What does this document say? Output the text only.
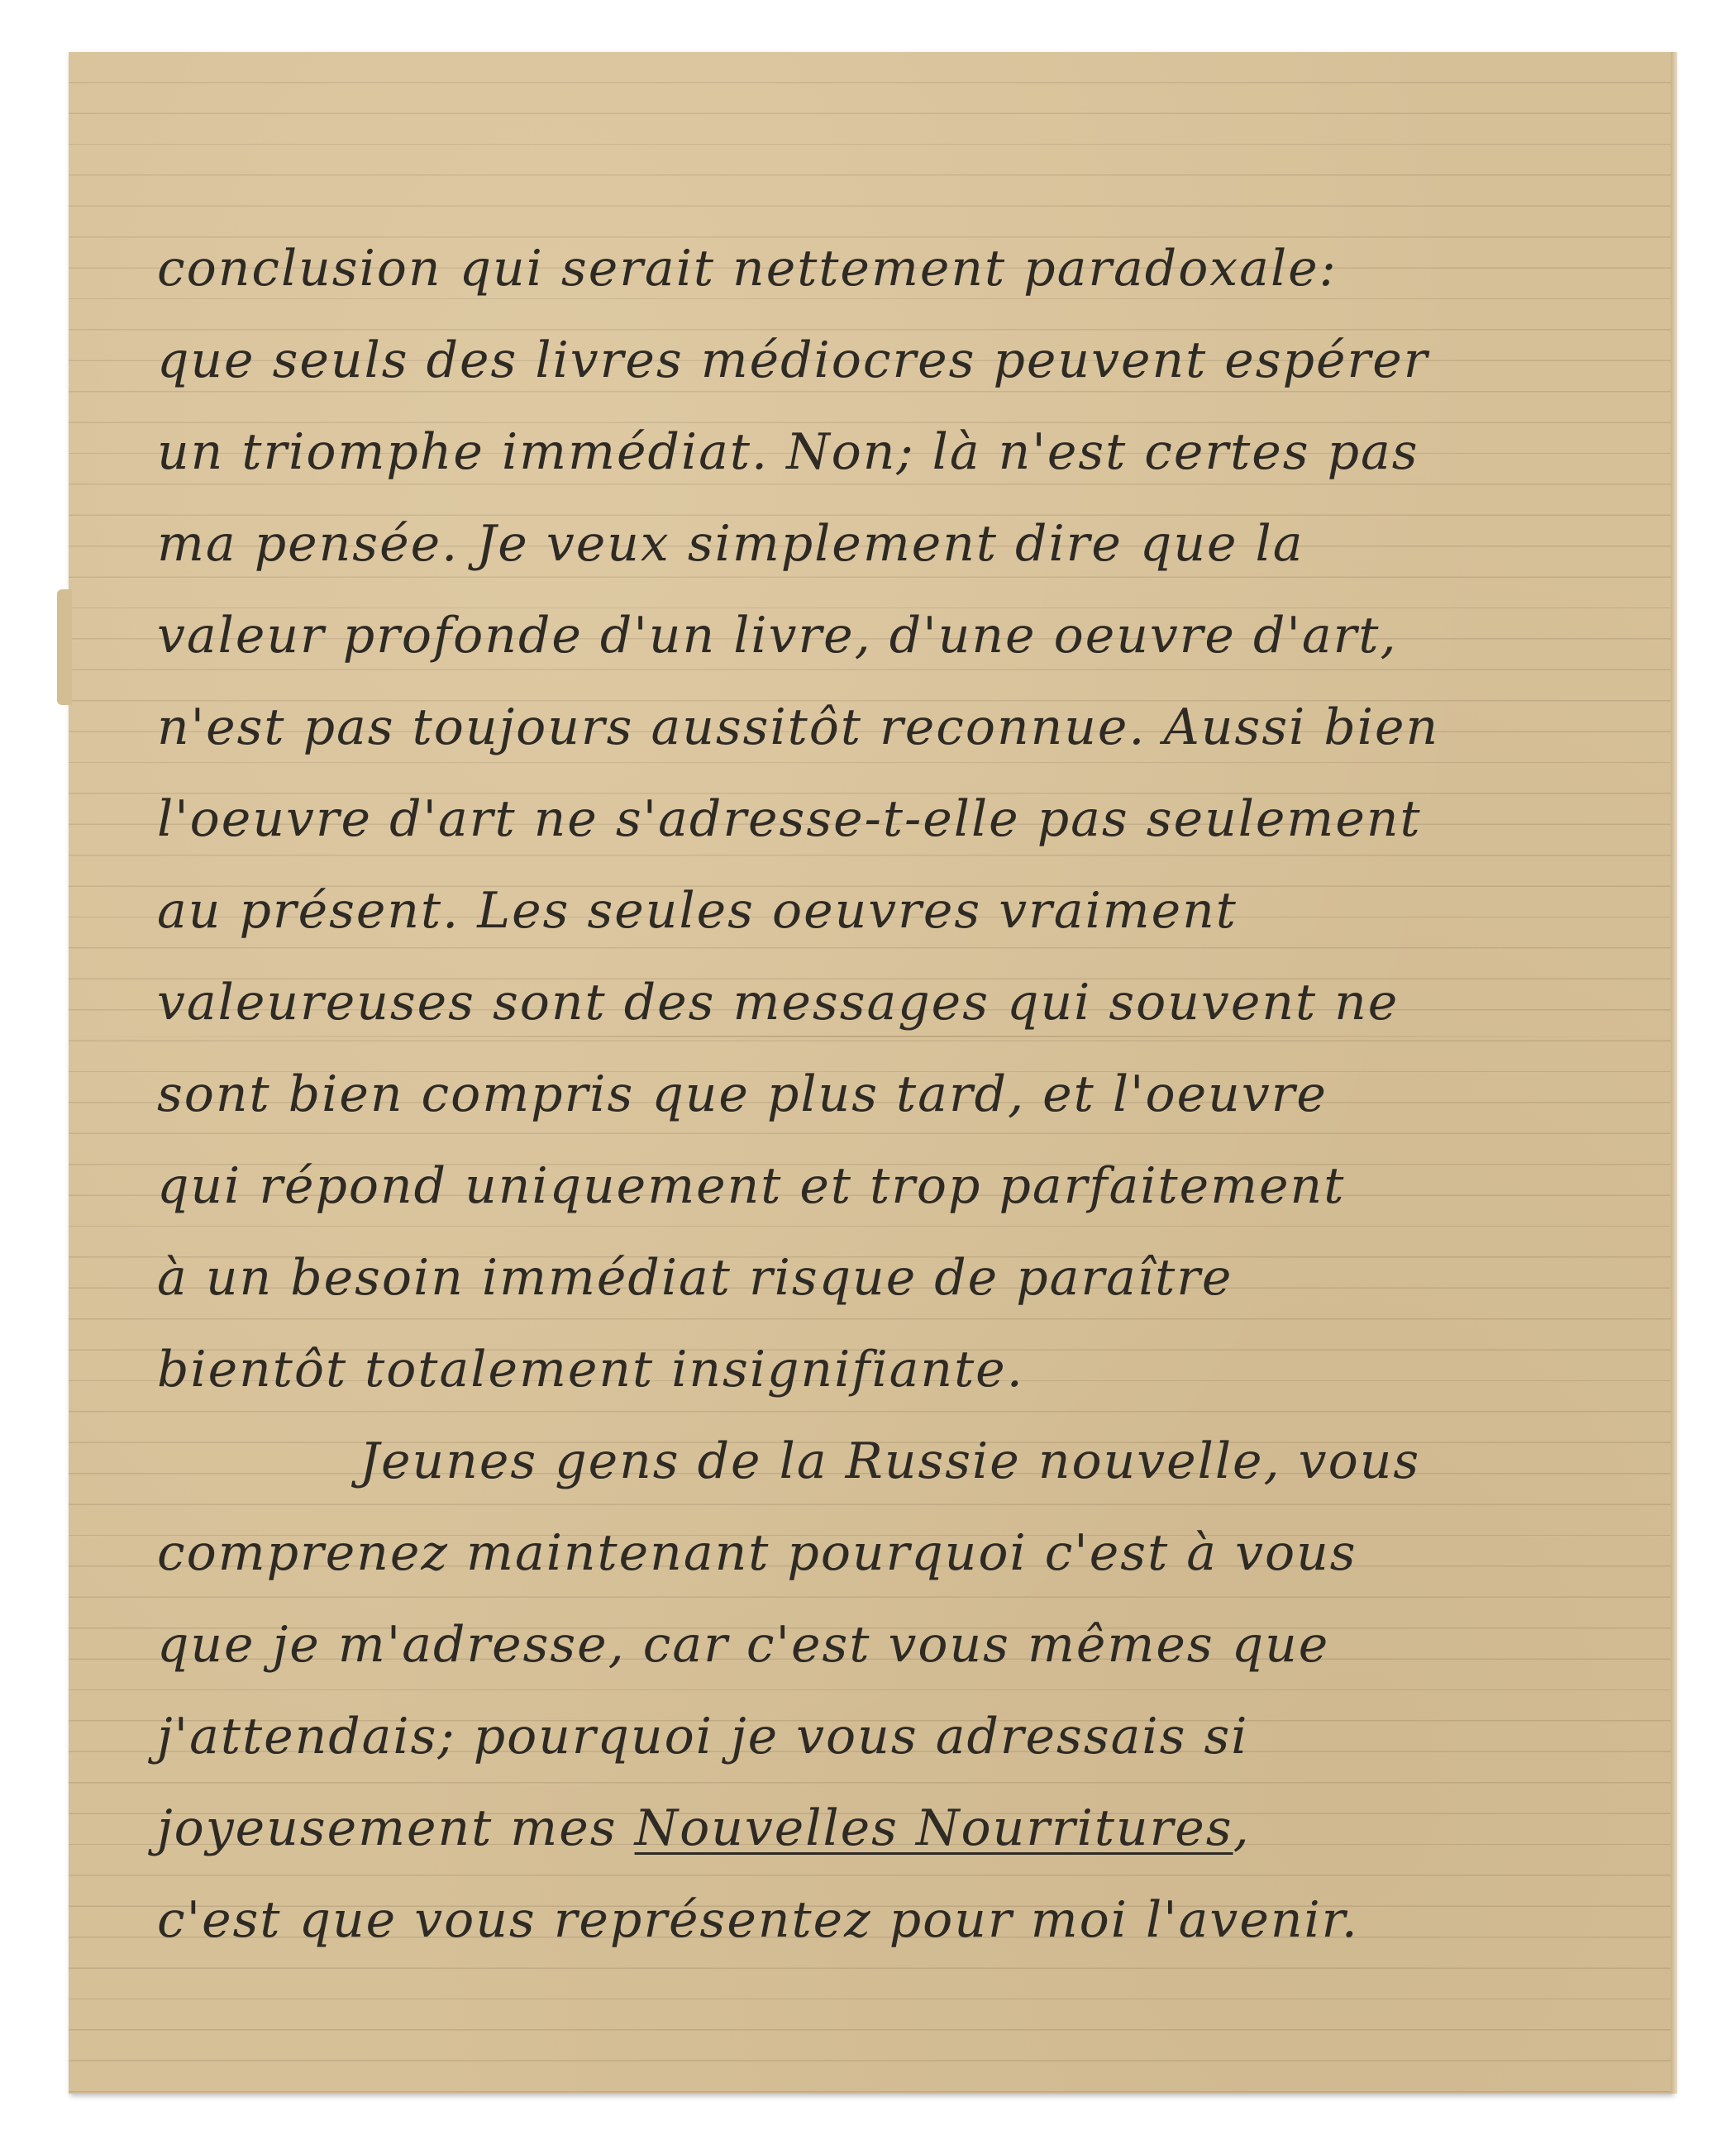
conclusion qui serait nettement paradoxale:
que seuls des livres médiocres peuvent espérer
un triomphe immédiat. Non; là n'est certes pas
ma pensée. Je veux simplement dire que la
valeur profonde d'un livre, d'une oeuvre d'art,
n'est pas toujours aussitôt reconnue. Aussi bien
l'oeuvre d'art ne s'adresse-t-elle pas seulement
au présent. Les seules oeuvres vraiment
valeureuses sont des messages qui souvent ne
sont bien compris que plus tard, et l'oeuvre
qui répond uniquement et trop parfaitement
à un besoin immédiat risque de paraître
bientôt totalement insignifiante.
Jeunes gens de la Russie nouvelle, vous
comprenez maintenant pourquoi c'est à vous
que je m'adresse, car c'est vous mêmes que
j'attendais; pourquoi je vous adressais si
joyeusement mes Nouvelles Nourritures,
c'est que vous représentez pour moi l'avenir.
